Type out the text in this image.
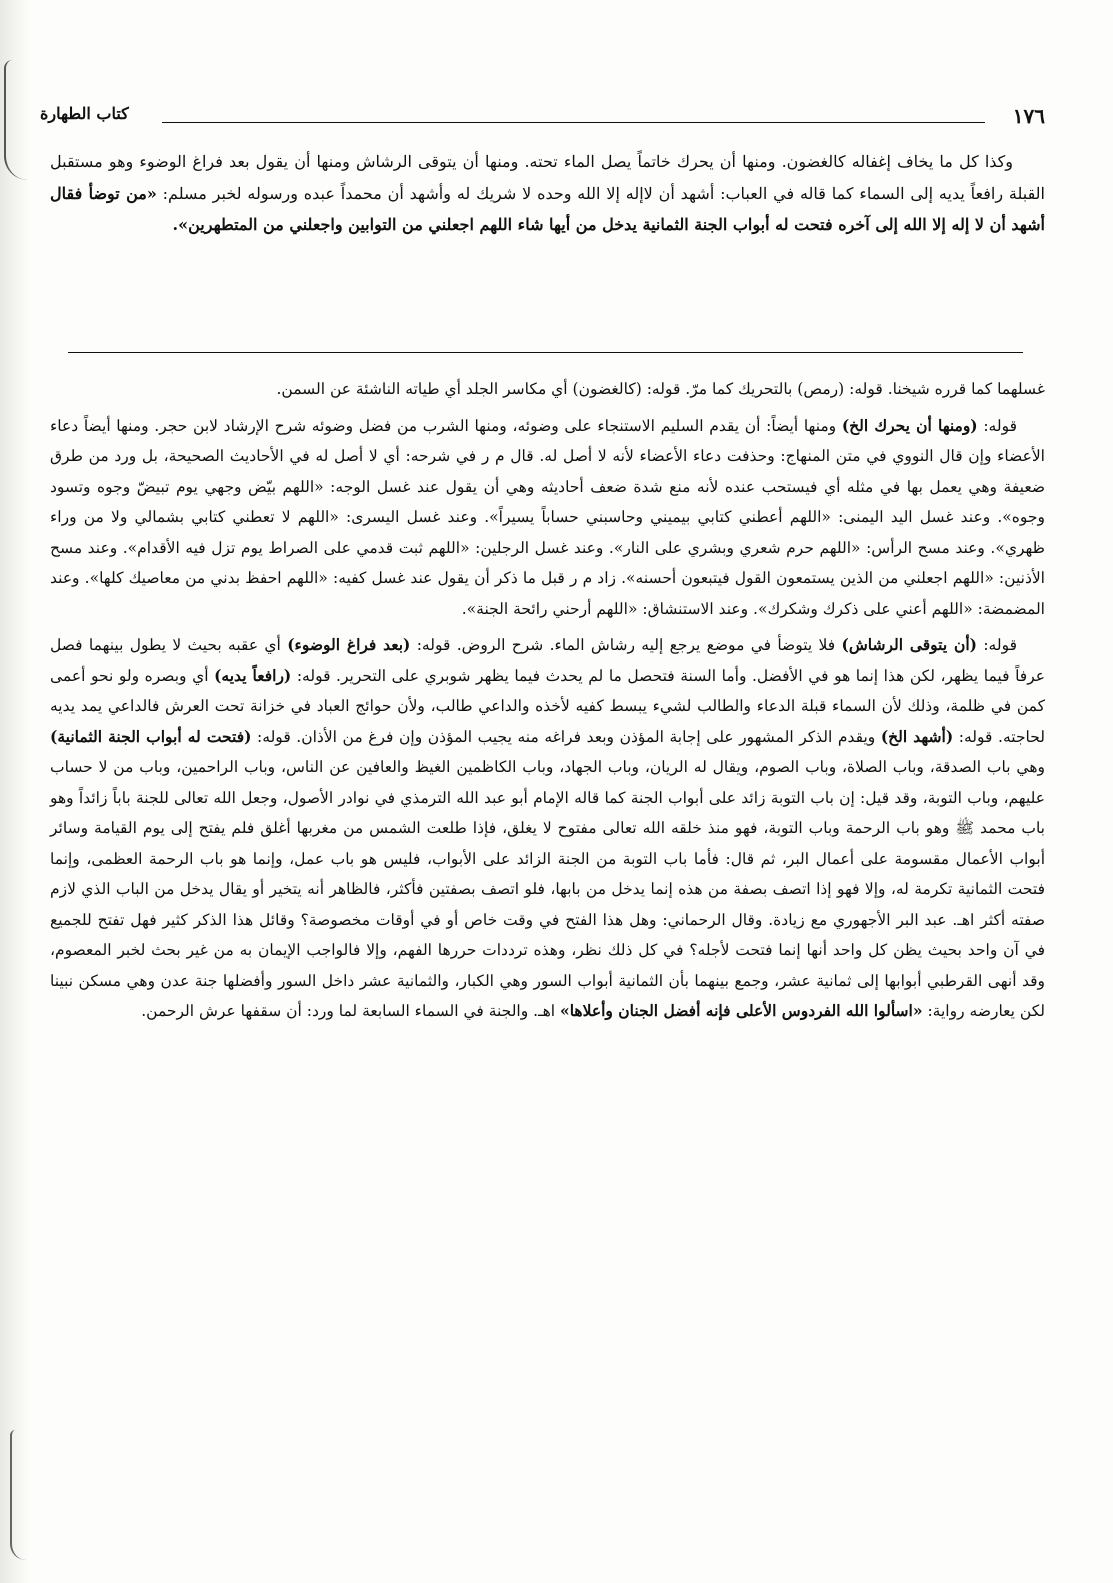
١٧٦
كتاب الطهارة

وكذا كل ما يخاف إغفاله كالغضون. ومنها أن يحرك خاتماً يصل الماء تحته. ومنها أن يتوقى الرشاش ومنها أن يقول بعد فراغ الوضوء وهو مستقبل القبلة رافعاً يديه إلى السماء كما قاله في العباب: أشهد أن لاإله إلا الله وحده لا شريك له وأشهد أن محمداً عبده ورسوله لخبر مسلم: «من توضأ فقال أشهد أن لا إله إلا الله إلى آخره فتحت له أبواب الجنة الثمانية يدخل من أيها شاء اللهم اجعلني من التوابين واجعلني من المتطهرين».

غسلهما كما قرره شيخنا. قوله: (رمص) بالتحريك كما مرّ. قوله: (كالغضون) أي مكاسر الجلد أي طياته الناشئة عن السمن.

قوله: (ومنها أن يحرك الخ) ومنها أيضاً: أن يقدم السليم الاستنجاء على وضوئه، ومنها الشرب من فضل وضوئه شرح الإرشاد لابن حجر. ومنها أيضاً دعاء الأعضاء وإن قال النووي في متن المنهاج: وحذفت دعاء الأعضاء لأنه لا أصل له. قال م ر في شرحه: أي لا أصل له في الأحاديث الصحيحة، بل ورد من طرق ضعيفة وهي يعمل بها في مثله أي فيستحب عنده لأنه منع شدة ضعف أحاديثه وهي أن يقول عند غسل الوجه: «اللهم بيّض وجهي يوم تبيضّ وجوه وتسود وجوه». وعند غسل اليد اليمنى: «اللهم أعطني كتابي بيميني وحاسبني حساباً يسيراً». وعند غسل اليسرى: «اللهم لا تعطني كتابي بشمالي ولا من وراء ظهري». وعند مسح الرأس: «اللهم حرم شعري وبشري على النار». وعند غسل الرجلين: «اللهم ثبت قدمي على الصراط يوم تزل فيه الأقدام». وعند مسح الأذنين: «اللهم اجعلني من الذين يستمعون القول فيتبعون أحسنه». زاد م ر قبل ما ذكر أن يقول عند غسل كفيه: «اللهم احفظ بدني من معاصيك كلها». وعند المضمضة: «اللهم أعني على ذكرك وشكرك». وعند الاستنشاق: «اللهم أرحني رائحة الجنة».

قوله: (أن يتوقى الرشاش) فلا يتوضأ في موضع يرجع إليه رشاش الماء. شرح الروض. قوله: (بعد فراغ الوضوء) أي عقبه بحيث لا يطول بينهما فصل عرفاً فيما يظهر، لكن هذا إنما هو في الأفضل. وأما السنة فتحصل ما لم يحدث فيما يظهر شوبري على التحرير. قوله: (رافعاً يديه) أي وبصره ولو نحو أعمى كمن في ظلمة، وذلك لأن السماء قبلة الدعاء والطالب لشيء يبسط كفيه لأخذه والداعي طالب، ولأن حوائج العباد في خزانة تحت العرش فالداعي يمد يديه لحاجته. قوله: (أشهد الخ) ويقدم الذكر المشهور على إجابة المؤذن وبعد فراغه منه يجيب المؤذن وإن فرغ من الأذان. قوله: (فتحت له أبواب الجنة الثمانية) وهي باب الصدقة، وباب الصلاة، وباب الصوم، ويقال له الريان، وباب الجهاد، وباب الكاظمين الغيظ والعافين عن الناس، وباب الراحمين، وباب من لا حساب عليهم، وباب التوبة، وقد قيل: إن باب التوبة زائد على أبواب الجنة كما قاله الإمام أبو عبد الله الترمذي في نوادر الأصول، وجعل الله تعالى للجنة باباً زائداً وهو باب محمد ﷺ وهو باب الرحمة وباب التوبة، فهو منذ خلقه الله تعالى مفتوح لا يغلق، فإذا طلعت الشمس من مغربها أغلق فلم يفتح إلى يوم القيامة وسائر أبواب الأعمال مقسومة على أعمال البر، ثم قال: فأما باب التوبة من الجنة الزائد على الأبواب، فليس هو باب عمل، وإنما هو باب الرحمة العظمى، وإنما فتحت الثمانية تكرمة له، وإلا فهو إذا اتصف بصفة من هذه إنما يدخل من بابها، فلو اتصف بصفتين فأكثر، فالظاهر أنه يتخير أو يقال يدخل من الباب الذي لازم صفته أكثر اهـ. عبد البر الأجهوري مع زيادة. وقال الرحماني: وهل هذا الفتح في وقت خاص أو في أوقات مخصوصة؟ وقائل هذا الذكر كثير فهل تفتح للجميع في آن واحد بحيث يظن كل واحد أنها إنما فتحت لأجله؟ في كل ذلك نظر، وهذه ترددات حررها الفهم، وإلا فالواجب الإيمان به من غير بحث لخبر المعصوم، وقد أنهى القرطبي أبوابها إلى ثمانية عشر، وجمع بينهما بأن الثمانية أبواب السور وهي الكبار، والثمانية عشر داخل السور وأفضلها جنة عدن وهي مسكن نبينا لكن يعارضه رواية: «اسألوا الله الفردوس الأعلى فإنه أفضل الجنان وأعلاها» اهـ. والجنة في السماء السابعة لما ورد: أن سقفها عرش الرحمن.
